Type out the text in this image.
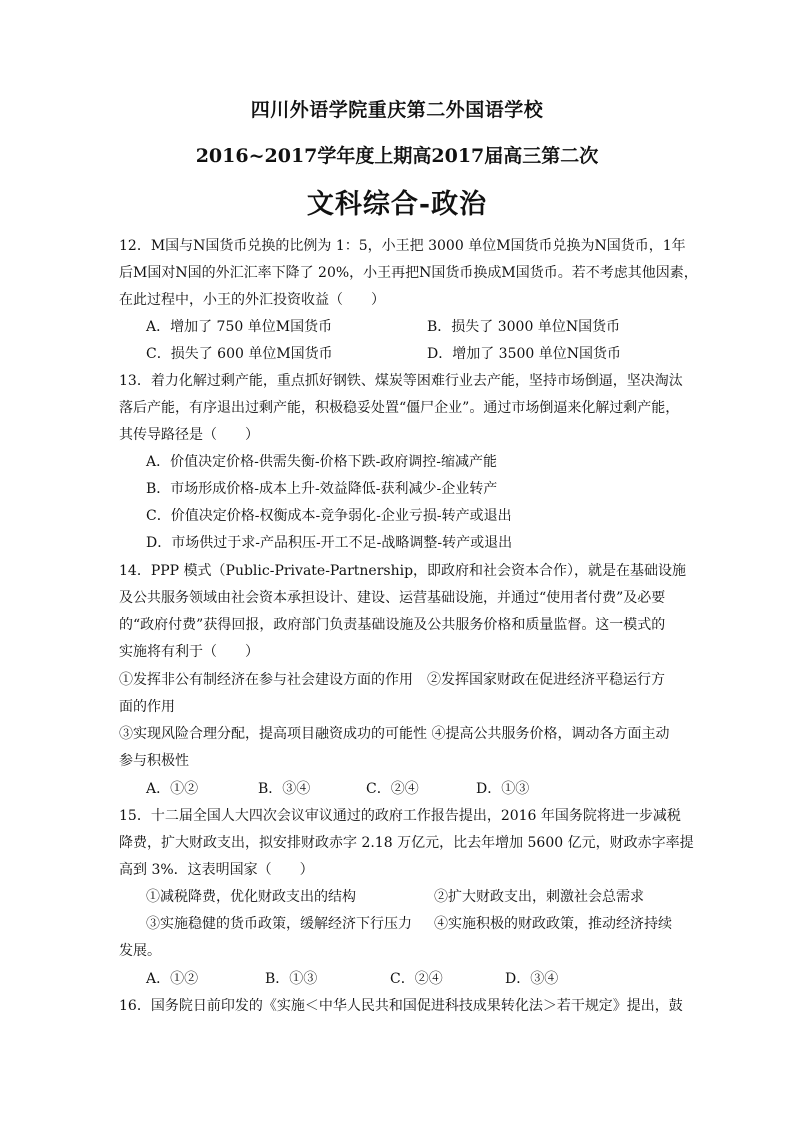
四川外语学院重庆第二外国语学校
2016~2017学年度上期高2017届高三第二次
文科综合-政治
12．M国与N国货币兑换的比例为 1：5，小王把 3000 单位M国货币兑换为N国货币，1年
后M国对N国的外汇汇率下降了 20%，小王再把N国货币换成M国货币。若不考虑其他因素，
在此过程中，小王的外汇投资收益（　　）
A．增加了 750 单位M国货币	B．损失了 3000 单位N国货币
C．损失了 600 单位M国货币	D．增加了 3500 单位N国货币
13．着力化解过剩产能，重点抓好钢铁、煤炭等困难行业去产能，坚持市场倒逼，坚决淘汰
落后产能，有序退出过剩产能，积极稳妥处置“僵尸企业”。通过市场倒逼来化解过剩产能，
其传导路径是（　　）
A．价值决定价格-供需失衡-价格下跌-政府调控-缩减产能
B．市场形成价格-成本上升-效益降低-获利减少-企业转产
C．价值决定价格-权衡成本-竞争弱化-企业亏损-转产或退出
D．市场供过于求-产品积压-开工不足-战略调整-转产或退出
14．PPP 模式（Public-Private-Partnership，即政府和社会资本合作），就是在基础设施
及公共服务领域由社会资本承担设计、建设、运营基础设施，并通过“使用者付费”及必要
的“政府付费”获得回报，政府部门负责基础设施及公共服务价格和质量监督。这一模式的
实施将有利于（　　）
①发挥非公有制经济在参与社会建设方面的作用　②发挥国家财政在促进经济平稳运行方
面的作用
③实现风险合理分配，提高项目融资成功的可能性 ④提高公共服务价格，调动各方面主动
参与积极性
A．①②	B．③④	C．②④	D．①③
15．十二届全国人大四次会议审议通过的政府工作报告提出，2016 年国务院将进一步减税
降费，扩大财政支出，拟安排财政赤字 2.18 万亿元，比去年增加 5600 亿元，财政赤字率提
高到 3%．这表明国家（　　）
①减税降费，优化财政支出的结构	②扩大财政支出，刺激社会总需求
③实施稳健的货币政策，缓解经济下行压力 ④实施积极的财政政策，推动经济持续
发展。
A．①②	B．①③	C．②④	D．③④
16．国务院日前印发的《实施＜中华人民共和国促进科技成果转化法＞若干规定》提出，鼓
